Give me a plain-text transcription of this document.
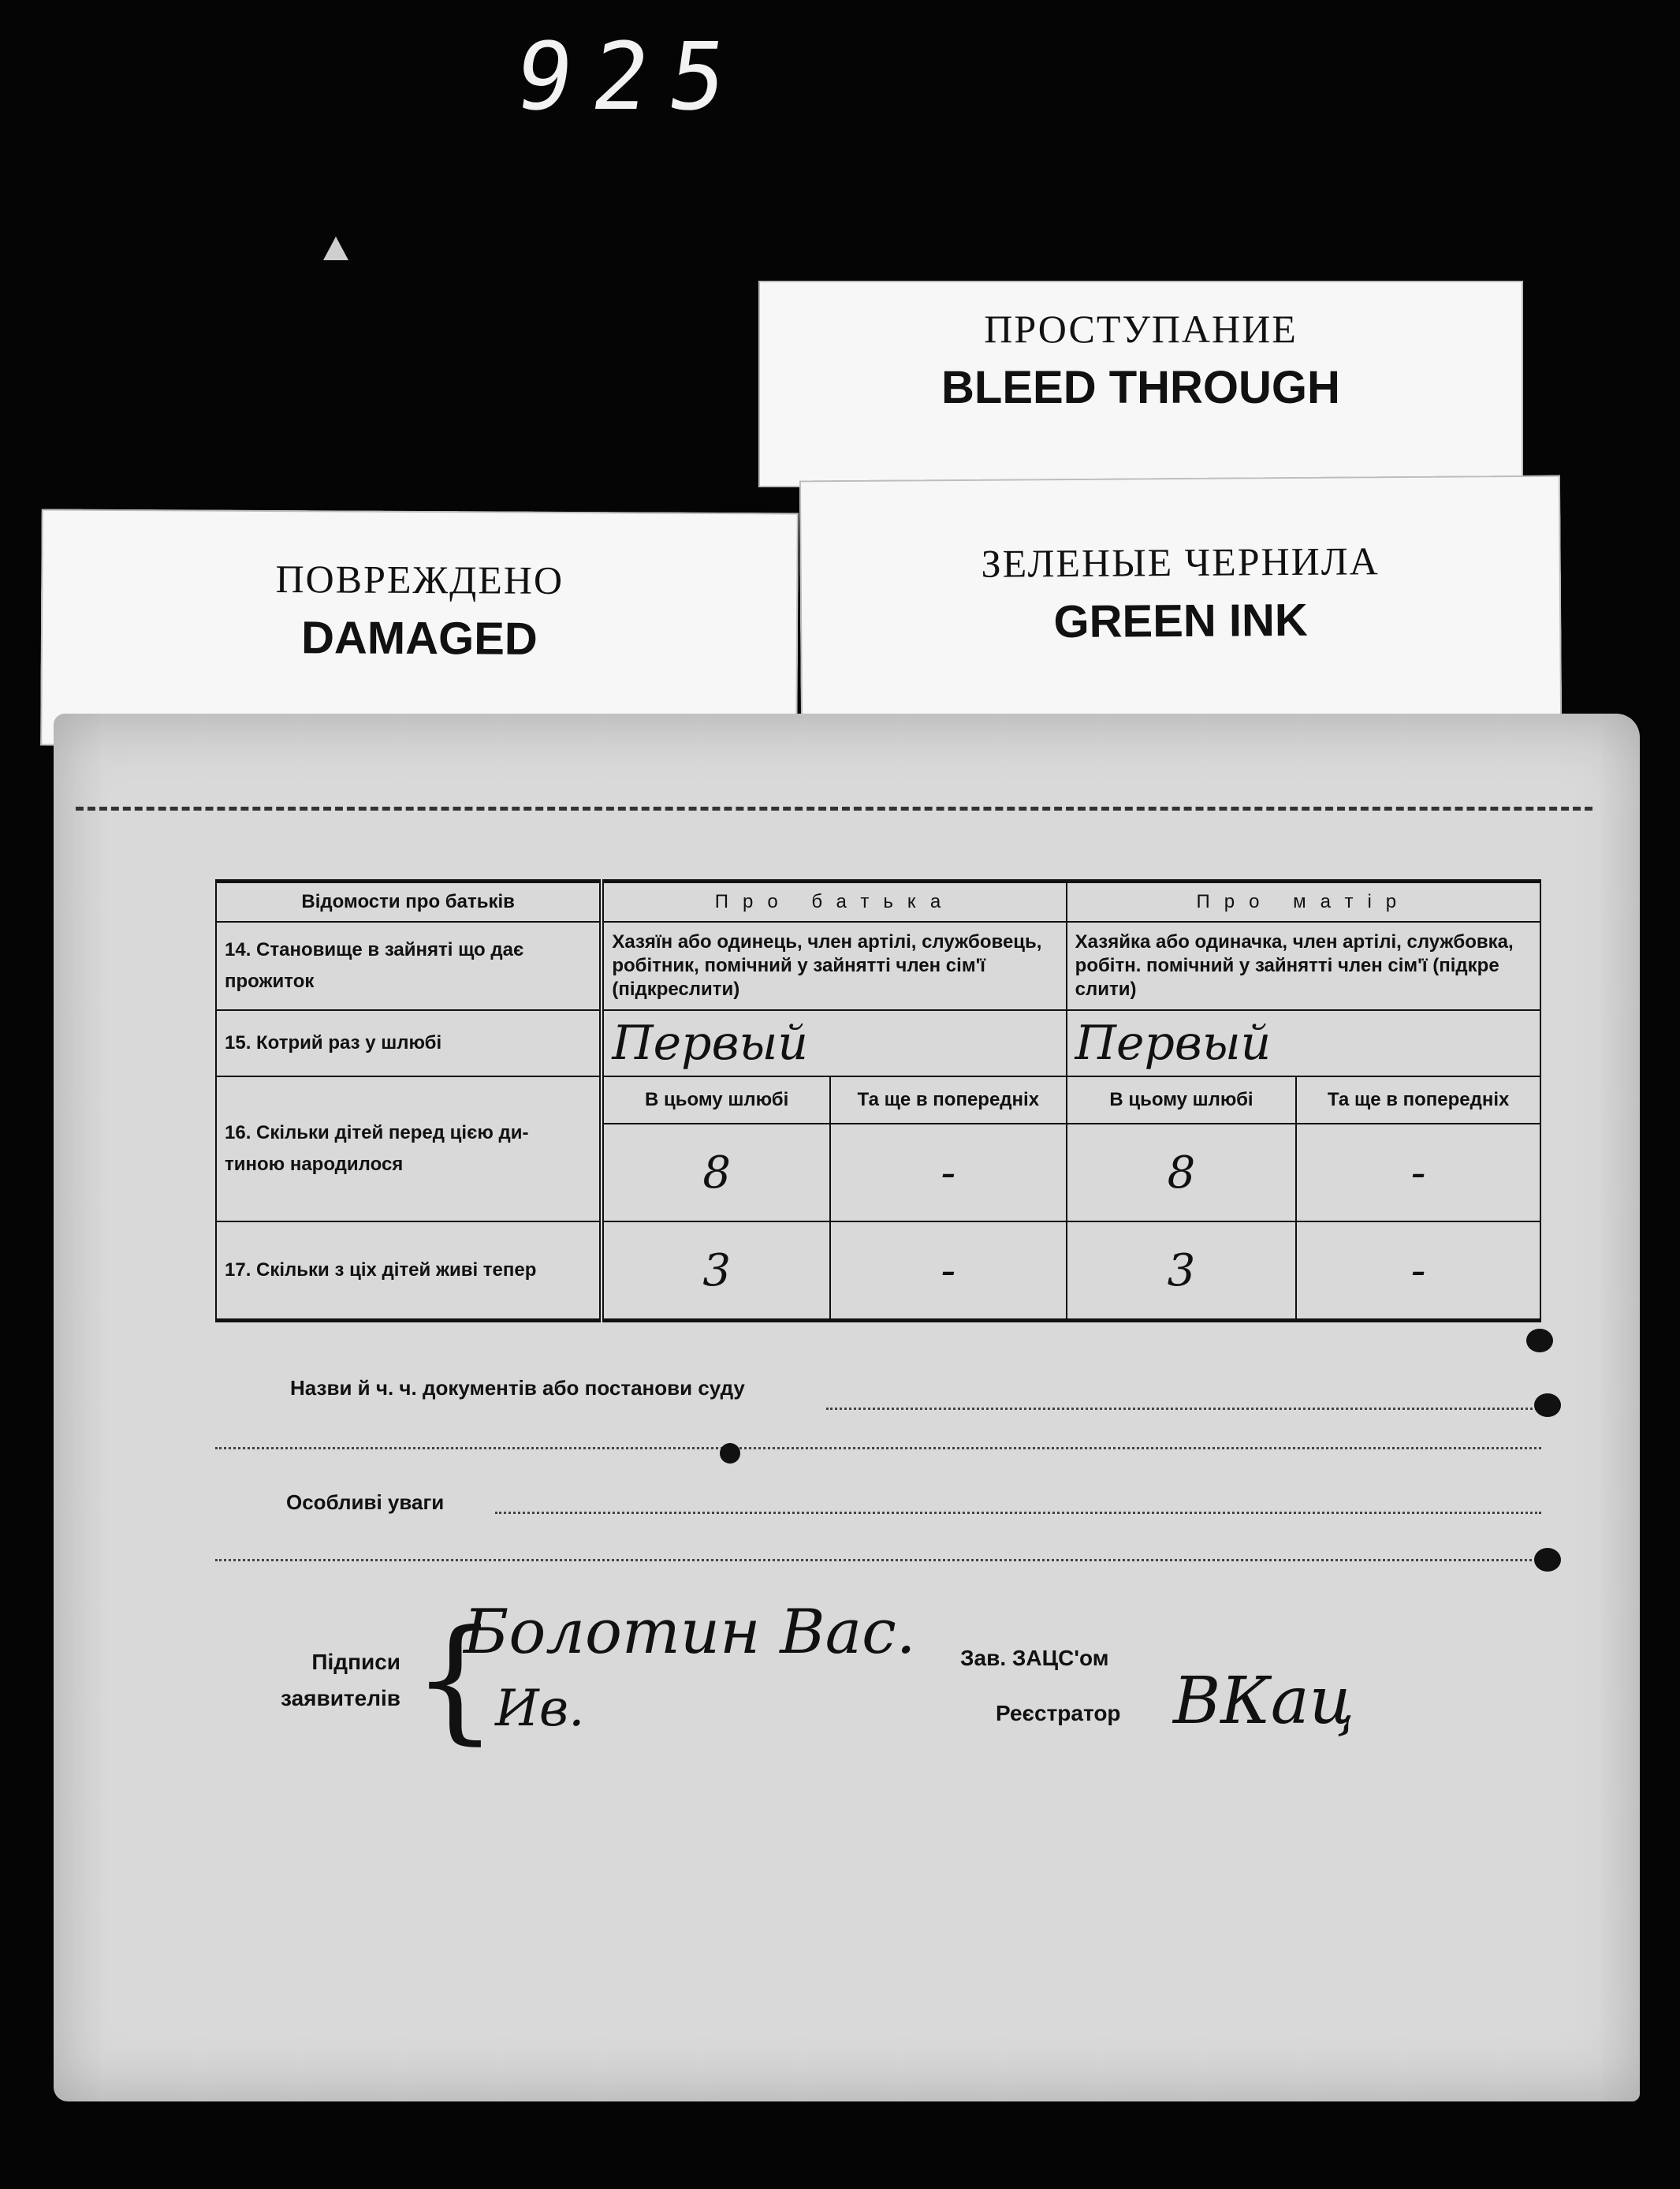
925
ПРОСТУПАНИЕ
BLEED THROUGH
ПОВРЕЖДЕНО
DAMAGED
ЗЕЛЕНЫЕ ЧЕРНИЛА
GREEN INK
Відомости про батьків	Про батька		Про матір	

14. Становище в зайняті що дає
прожиток	Хазяїн або одинець, член артілі, службовець, робітник, помічний у зайнятті член сім'ї (підкреслити)		Хазяйка або одиначка, член артілі, службовка, робітн. помічний у зайнятті член сім'ї (підкре слити)	
15. Котрий раз у шлюбі	Первый		Первый	

16. Скільки дітей перед цією ди-
тиною народилося	В цьому шлюбі	Та ще в попередніх	В цьому шлюбі	Та ще в попередніх
	8	-	8	-
17. Скільки з ціх дітей живі тепер	3	-	3	-
Назви й ч. ч. документів або постанови суду
Особливі уваги
Підписи
заявителів {
Болотин Вас.
Ив.
Зав. ЗАЦС'ом
Реєстратор ВКац
